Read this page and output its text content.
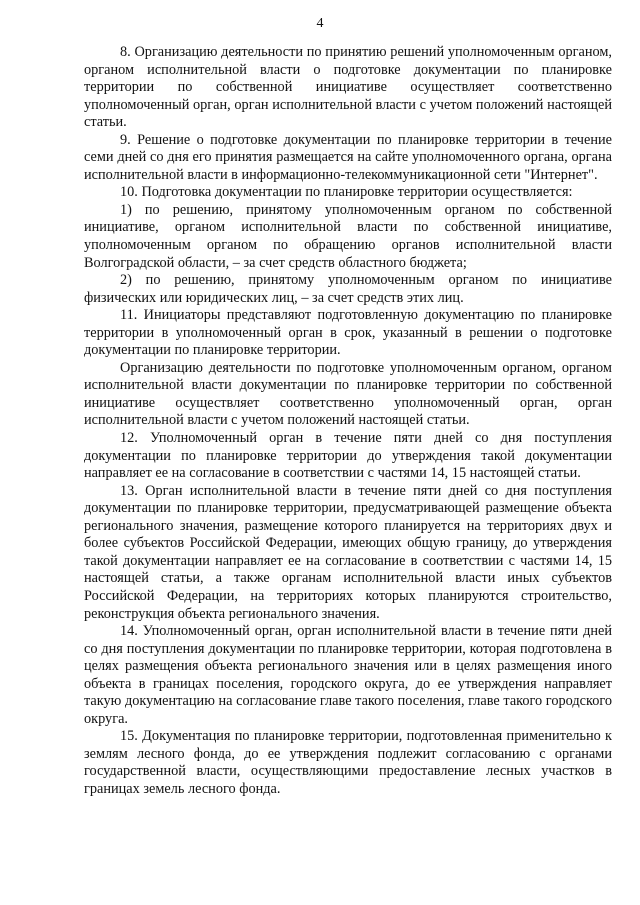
4

8. Организацию деятельности по принятию решений уполномоченным органом, органом исполнительной власти о подготовке документации по планировке территории по собственной инициативе осуществляет соответственно уполномоченный орган, орган исполнительной власти с учетом положений настоящей статьи.

9. Решение о подготовке документации по планировке территории в течение семи дней со дня его принятия размещается на сайте уполномоченного органа, органа исполнительной власти в информационно-телекоммуникационной сети "Интернет".

10. Подготовка документации по планировке территории осуществляется:

1) по решению, принятому уполномоченным органом по собственной инициативе, органом исполнительной власти по собственной инициативе, уполномоченным органом по обращению органов исполнительной власти Волгоградской области, – за счет средств областного бюджета;

2) по решению, принятому уполномоченным органом по инициативе физических или юридических лиц, – за счет средств этих лиц.

11. Инициаторы представляют подготовленную документацию по планировке территории в уполномоченный орган в срок, указанный в решении о подготовке документации по планировке территории.

Организацию деятельности по подготовке уполномоченным органом, органом исполнительной власти документации по планировке территории по собственной инициативе осуществляет соответственно уполномоченный орган, орган исполнительной власти с учетом положений настоящей статьи.

12. Уполномоченный орган в течение пяти дней со дня поступления документации по планировке территории до утверждения такой документации направляет ее на согласование в соответствии с частями 14, 15 настоящей статьи.

13. Орган исполнительной власти в течение пяти дней со дня поступления документации по планировке территории, предусматривающей размещение объекта регионального значения, размещение которого планируется на территориях двух и более субъектов Российской Федерации, имеющих общую границу, до утверждения такой документации направляет ее на согласование в соответствии с частями 14, 15 настоящей статьи, а также органам исполнительной власти иных субъектов Российской Федерации, на территориях которых планируются строительство, реконструкция объекта регионального значения.

14. Уполномоченный орган, орган исполнительной власти в течение пяти дней со дня поступления документации по планировке территории, которая подготовлена в целях размещения объекта регионального значения или в целях размещения иного объекта в границах поселения, городского округа, до ее утверждения направляет такую документацию на согласование главе такого поселения, главе такого городского округа.

15. Документация по планировке территории, подготовленная применительно к землям лесного фонда, до ее утверждения подлежит согласованию с органами государственной власти, осуществляющими предоставление лесных участков в границах земель лесного фонда.
